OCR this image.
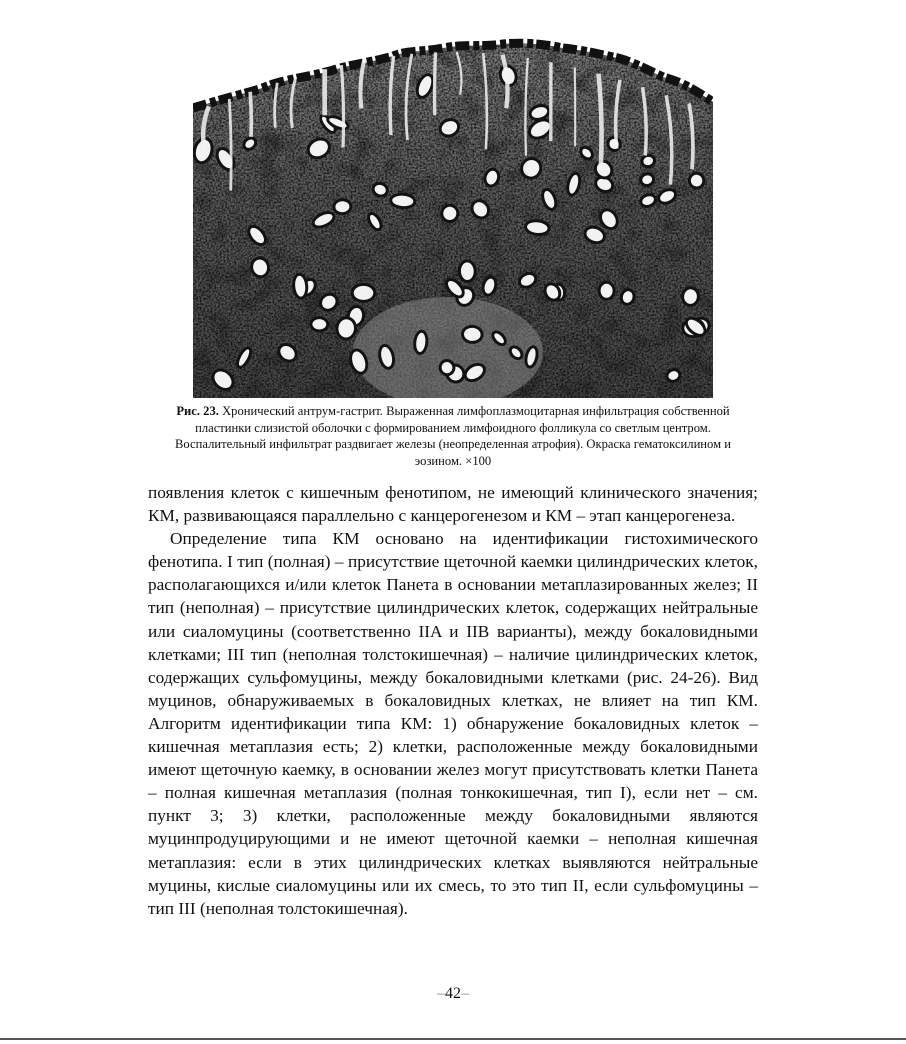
Рис. 23. Хронический антрум-гастрит. Выраженная лимфоплазмоцитарная инфильтрация собственной пластинки слизистой оболочки с формированием лимфоидного фолликула со светлым центром. Воспалительный инфильтрат раздвигает железы (неопределенная атрофия). Окраска гематоксилином и эозином. ×100

появления клеток с кишечным фенотипом, не имеющий клинического значения; КМ, развивающаяся параллельно с канцерогенезом и КМ – этап канцерогенеза.

Определение типа КМ основано на идентификации гистохимического фенотипа. I тип (полная) – присутствие щеточной каемки цилиндрических клеток, располагающихся и/или клеток Панета в основании метаплазированных желез; II тип (неполная) – присутствие цилиндрических клеток, содержащих нейтральные или сиаломуцины (соответственно IIA и IIB варианты), между бокаловидными клетками; III тип (неполная толстокишечная) – наличие цилиндрических клеток, содержащих сульфомуцины, между бокаловидными клетками (рис. 24-26). Вид муцинов, обнаруживаемых в бокаловидных клетках, не влияет на тип КМ. Алгоритм идентификации типа КМ: 1) обнаружение бокаловидных клеток – кишечная метаплазия есть; 2) клетки, расположенные между бокаловидными имеют щеточную каемку, в основании желез могут присутствовать клетки Панета – полная кишечная метаплазия (полная тонкокишечная, тип I), если нет – см. пункт 3; 3) клетки, расположенные между бокаловидными являются муцинпродуцирующими и не имеют щеточной каемки – неполная кишечная метаплазия: если в этих цилиндрических клетках выявляются нейтральные муцины, кислые сиаломуцины или их смесь, то это тип II, если сульфомуцины – тип III (неполная толстокишечная).

–42–
